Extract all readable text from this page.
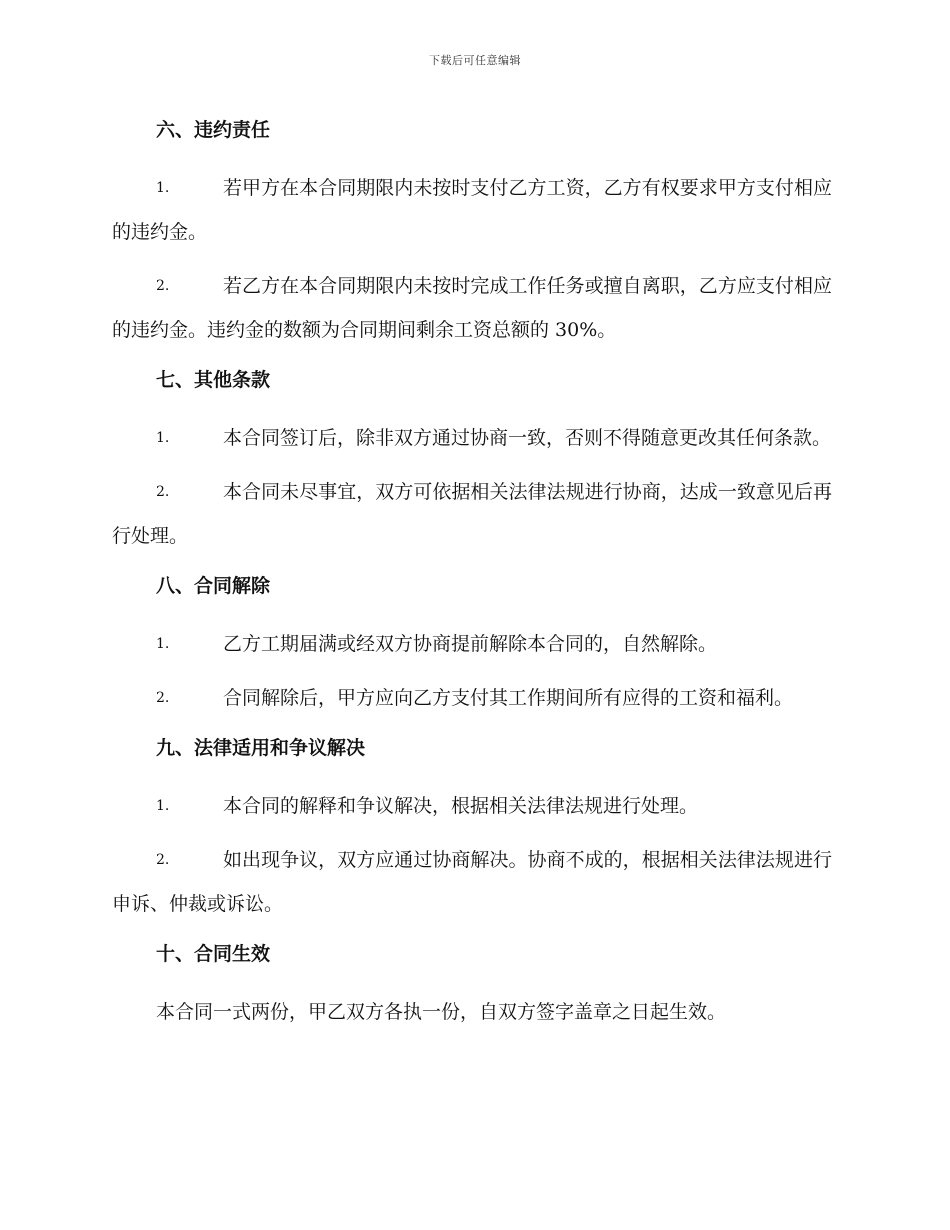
下载后可任意编辑
六、违约责任
1.	若甲方在本合同期限内未按时支付乙方工资，乙方有权要求甲方支付相应的违约金。
2.	若乙方在本合同期限内未按时完成工作任务或擅自离职，乙方应支付相应的违约金。违约金的数额为合同期间剩余工资总额的 30%。
七、其他条款
1.	本合同签订后，除非双方通过协商一致，否则不得随意更改其任何条款。
2.	本合同未尽事宜，双方可依据相关法律法规进行协商，达成一致意见后再行处理。
八、合同解除
1.	乙方工期届满或经双方协商提前解除本合同的，自然解除。
2.	合同解除后，甲方应向乙方支付其工作期间所有应得的工资和福利。
九、法律适用和争议解决
1.	本合同的解释和争议解决，根据相关法律法规进行处理。
2.	如出现争议，双方应通过协商解决。协商不成的，根据相关法律法规进行申诉、仲裁或诉讼。
十、合同生效
本合同一式两份，甲乙双方各执一份，自双方签字盖章之日起生效。
